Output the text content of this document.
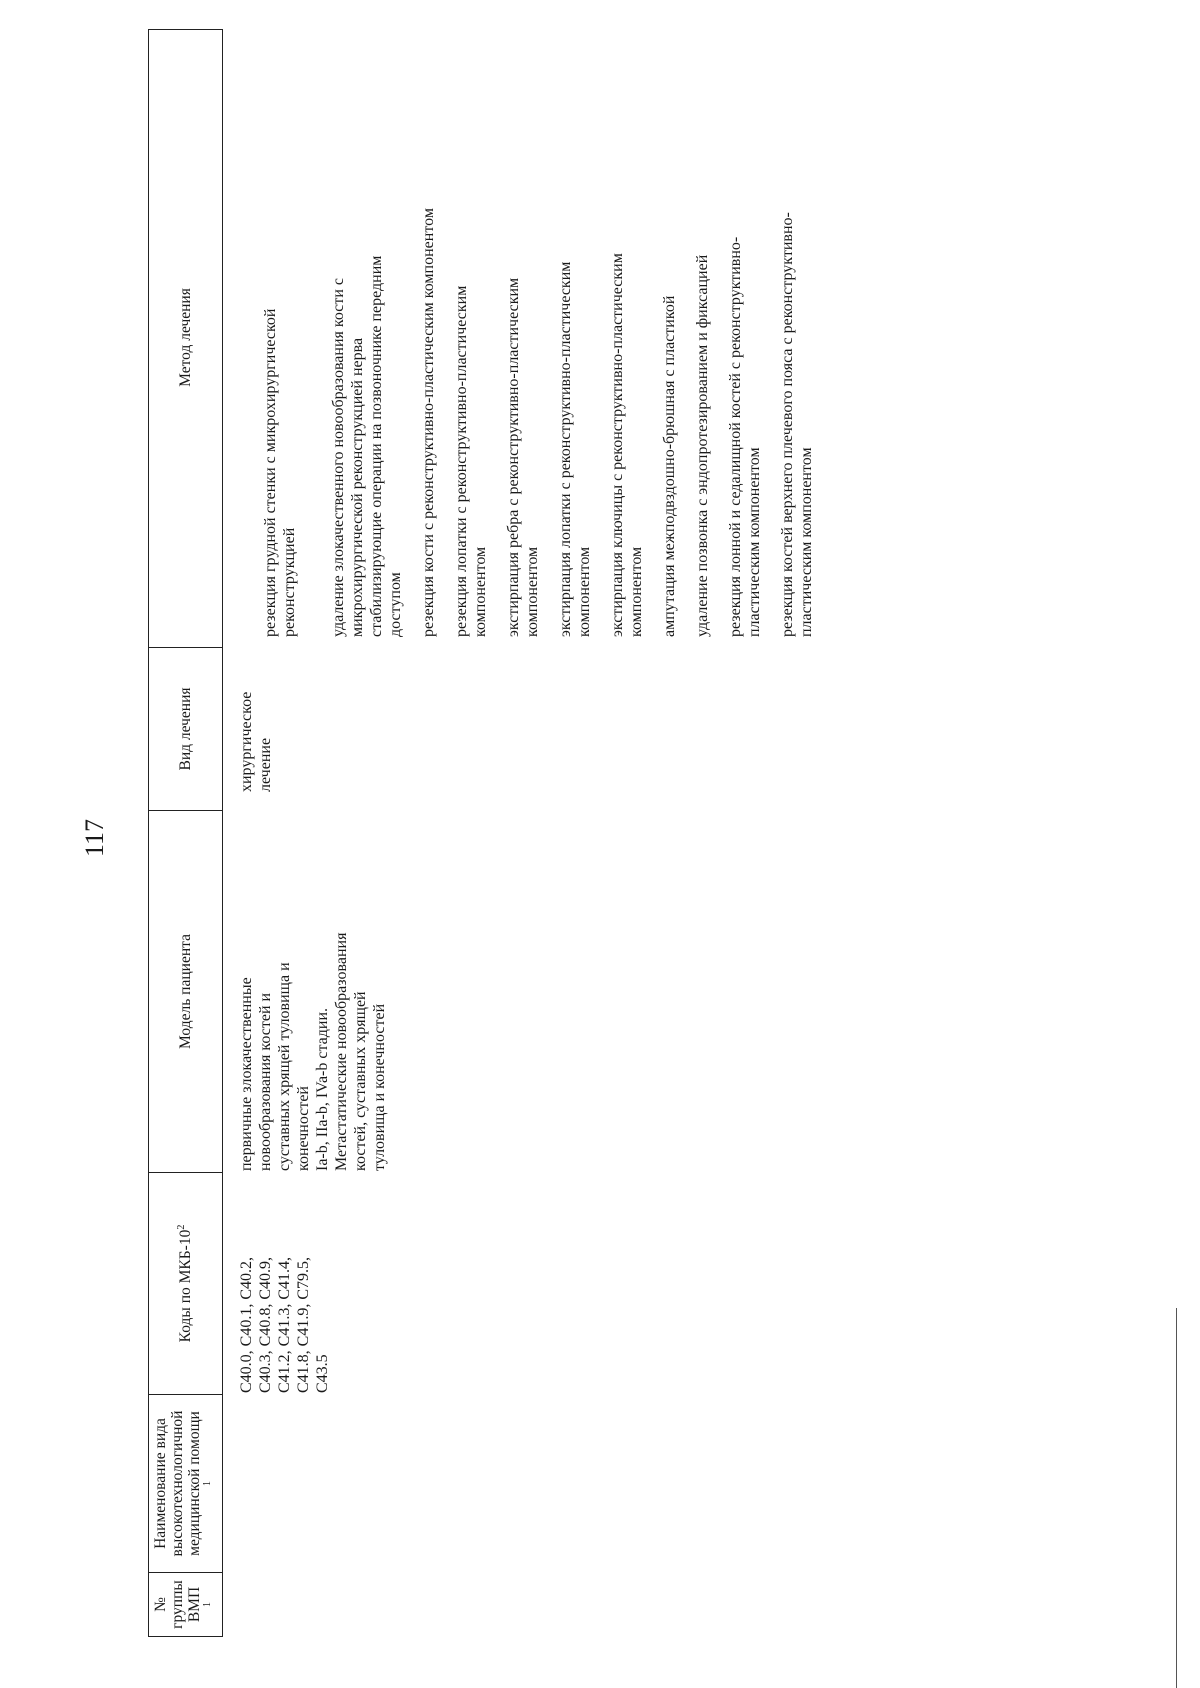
117
№
группы
ВМП
$^1$
Наименование вида
высокотехнологичной
медицинской помощи
$^1$
Коды по МКБ-$10^2$
Модель пациента
Вид лечения
Метод лечения
C40.0, C40.1, C40.2,
C40.3, C40.8, C40.9,
C41.2, C41.3, C41.4,
C41.8, C41.9, C79.5,
C43.5
первичные злокачественные новообразования костей и суставных хрящей туловища и конечностей Ia-b, IIa-b, IVa-b стадии. Метастатические новообразования костей, суставных хрящей туловища и конечностей
хирургическое
лечение
резекция грудной стенки с микрохирургической
реконструкцией удаление злокачественного новообразования кости с
микрохирургической реконструкцией нерва
стабилизирующие операции на позвоночнике передним
доступом резекция кости с реконструктивно-пластическим компонентом резекция лопатки с реконструктивно-пластическим
компонентом экстирпация ребра с реконструктивно-пластическим
компонентом экстирпация лопатки с реконструктивно-пластическим
компонентом экстирпация ключицы с реконструктивно-пластическим
компонентом ампутация межподвздошно-брюшная с пластикой удаление позвонка с эндопротезированием и фиксацией резекция лонной и седалищной костей с реконструктивно-
пластическим компонентом
резекция костей верхнего плечевого пояса с реконструктивно-
пластическим компонентом
